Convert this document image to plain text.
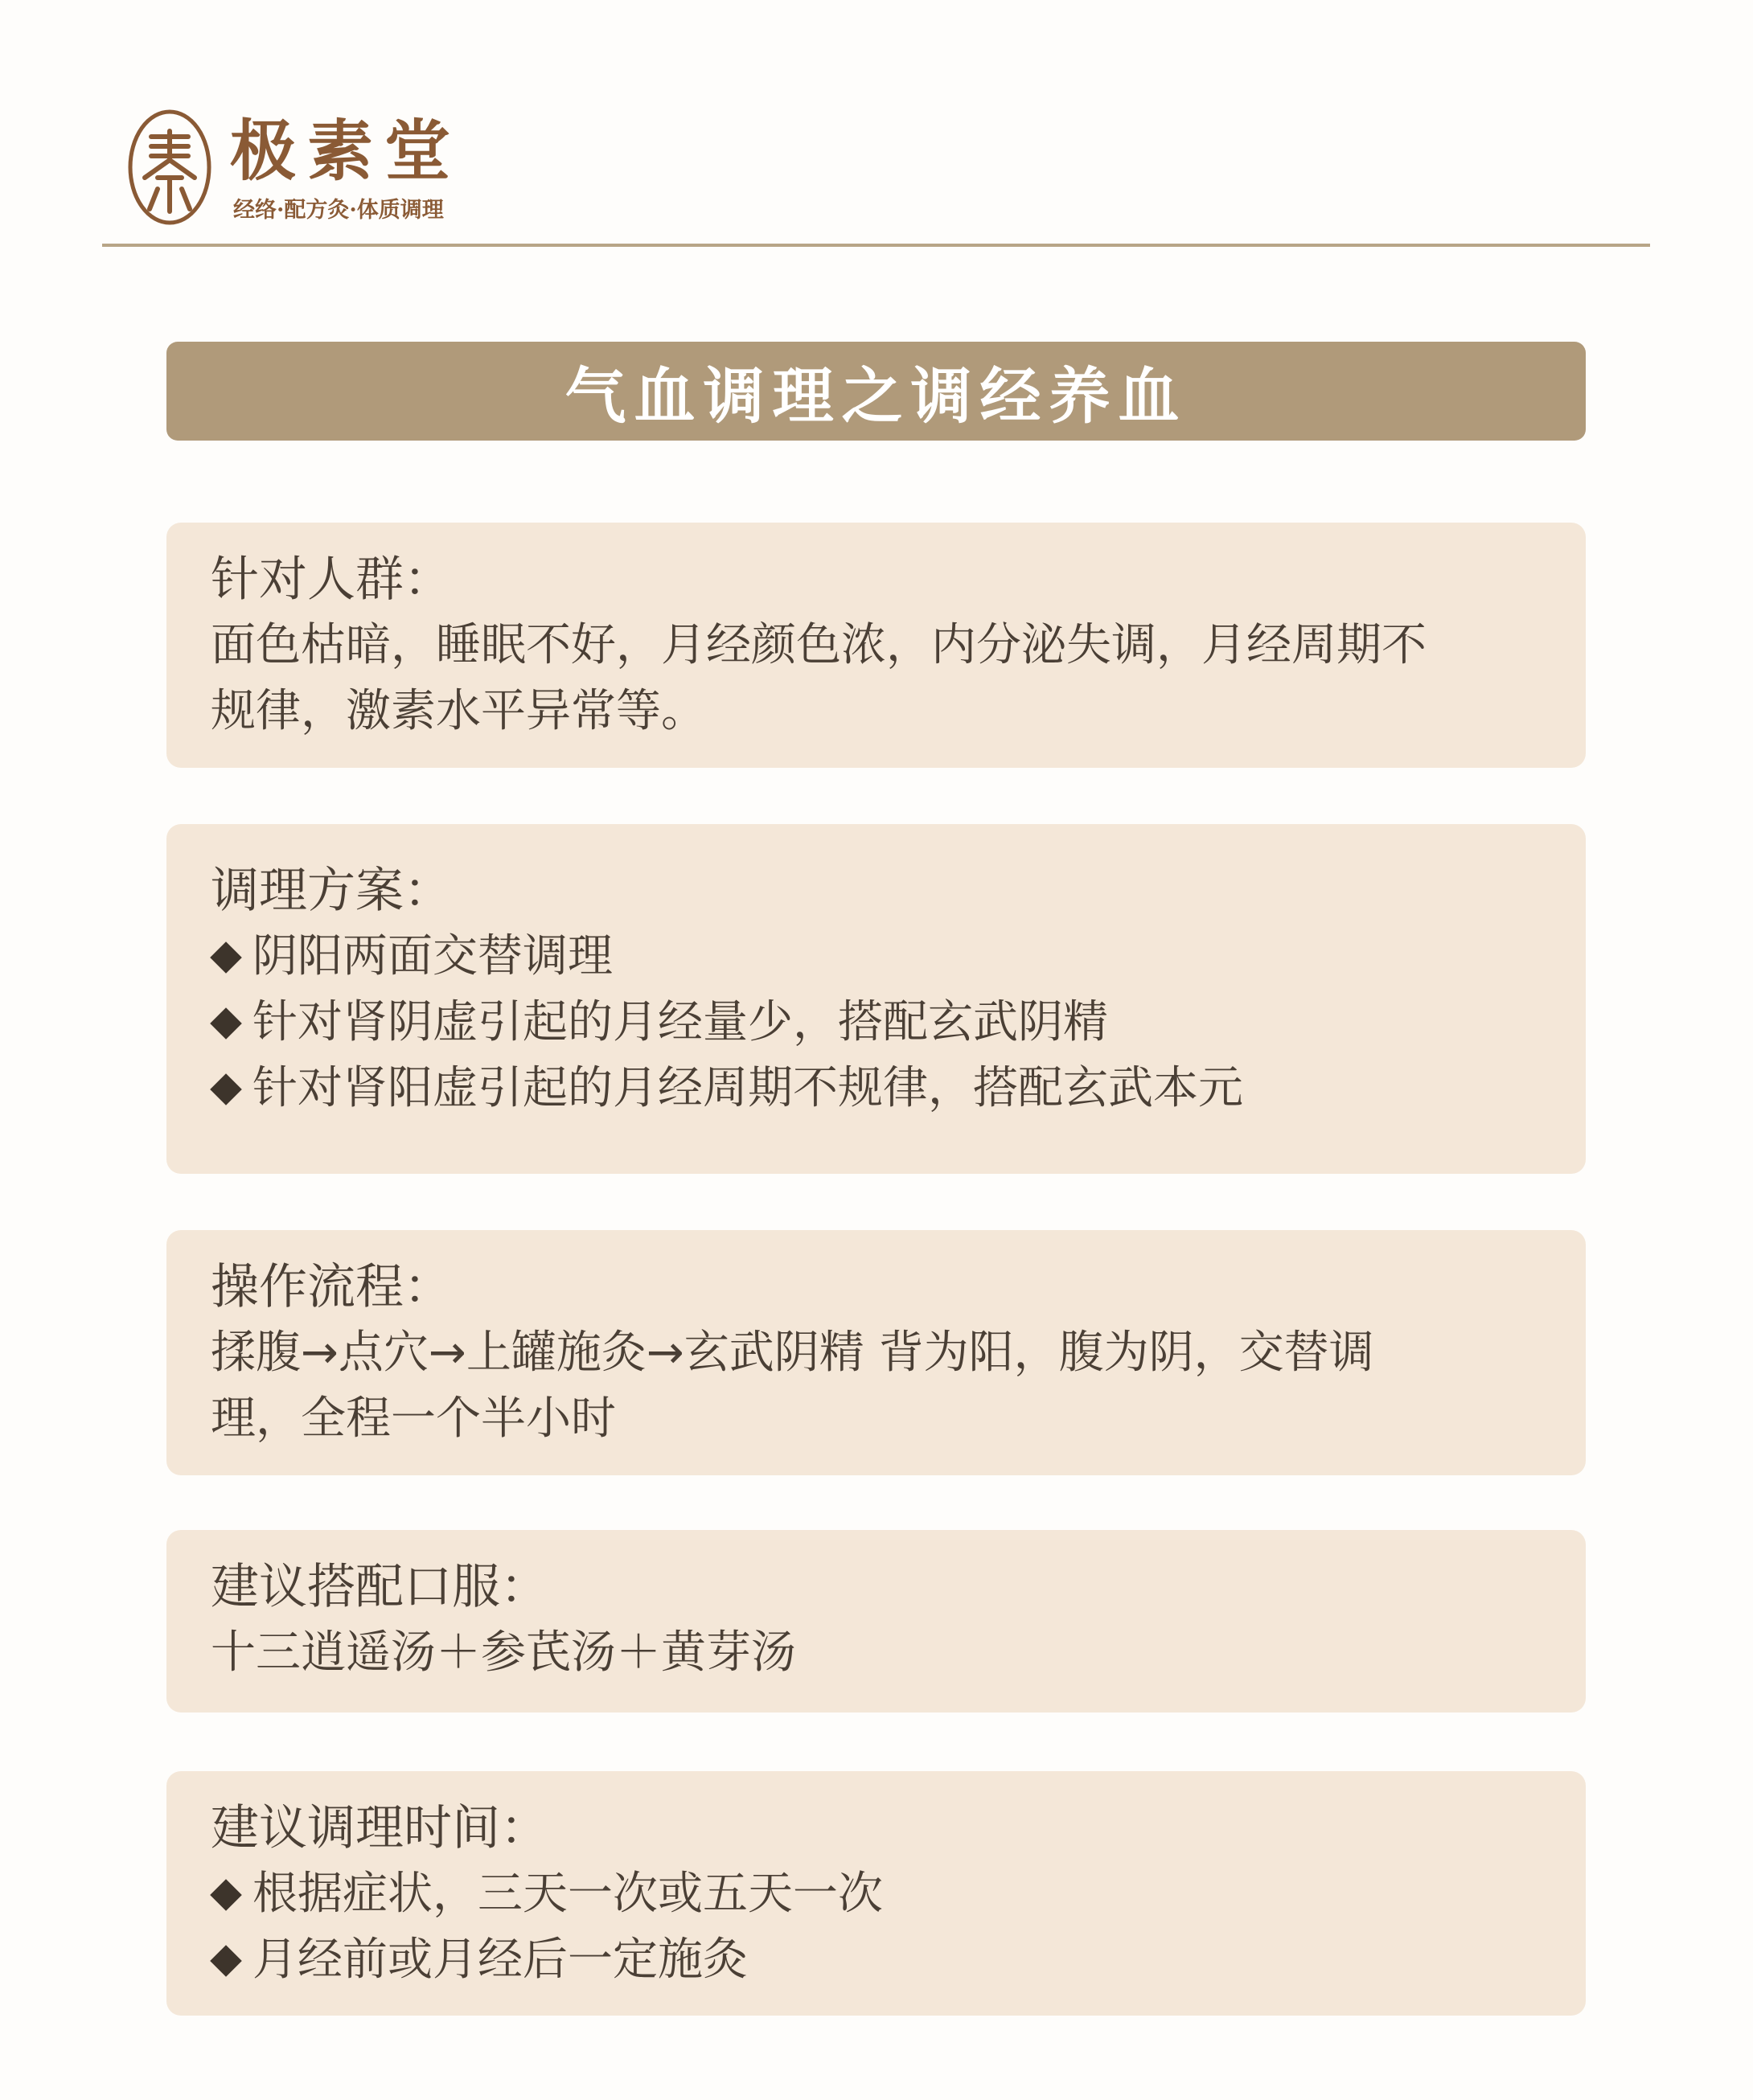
极素堂
经络·配方灸·体质调理
气血调理之调经养血
针对人群：
面色枯暗，睡眠不好，月经颜色浓，内分泌失调，月经周期不
规律，激素水平异常等。
调理方案：
阴阳两面交替调理
针对肾阴虚引起的月经量少，搭配玄武阴精
针对肾阳虚引起的月经周期不规律，搭配玄武本元
操作流程：
揉腹→点穴→上罐施灸→玄武阴精 背为阳，腹为阴，交替调
理，全程一个半小时
建议搭配口服：
十三逍遥汤＋参芪汤＋黄芽汤
建议调理时间：
根据症状，三天一次或五天一次
月经前或月经后一定施灸
